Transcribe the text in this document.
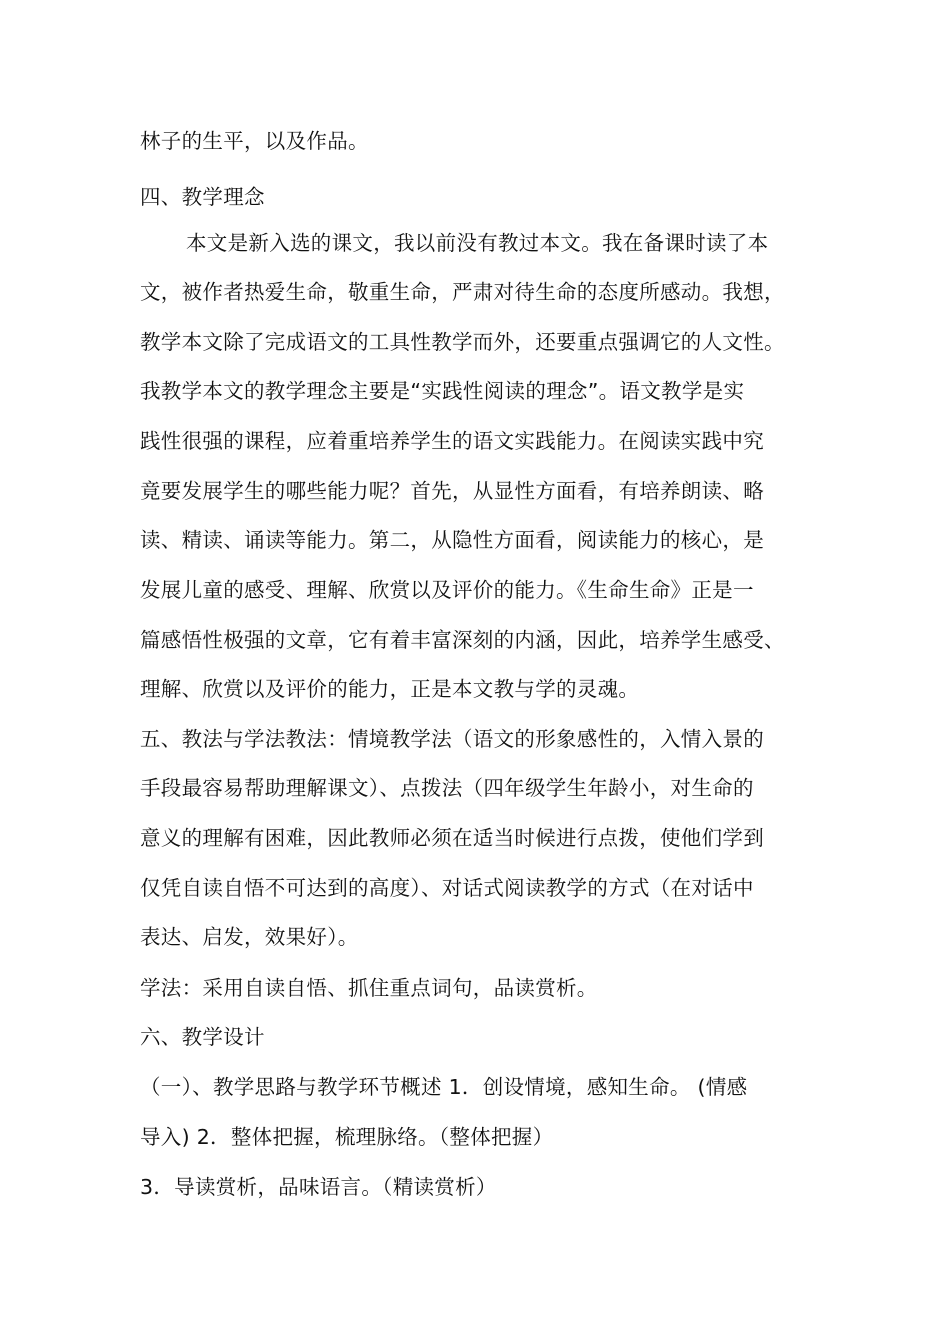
林子的生平，以及作品。
四、教学理念
本文是新入选的课文，我以前没有教过本文。我在备课时读了本
文，被作者热爱生命，敬重生命，严肃对待生命的态度所感动。我想，
教学本文除了完成语文的工具性教学而外，还要重点强调它的人文性。
我教学本文的教学理念主要是“实践性阅读的理念”。语文教学是实
践性很强的课程，应着重培养学生的语文实践能力。在阅读实践中究
竟要发展学生的哪些能力呢？首先，从显性方面看，有培养朗读、略
读、精读、诵读等能力。第二，从隐性方面看，阅读能力的核心，是
发展儿童的感受、理解、欣赏以及评价的能力。《生命生命》正是一
篇感悟性极强的文章，它有着丰富深刻的内涵，因此，培养学生感受、
理解、欣赏以及评价的能力，正是本文教与学的灵魂。
五、教法与学法教法：情境教学法（语文的形象感性的，入情入景的
手段最容易帮助理解课文）、点拨法（四年级学生年龄小，对生命的
意义的理解有困难，因此教师必须在适当时候进行点拨，使他们学到
仅凭自读自悟不可达到的高度）、对话式阅读教学的方式（在对话中
表达、启发，效果好）。
学法：采用自读自悟、抓住重点词句，品读赏析。
六、教学设计
（一）、教学思路与教学环节概述 1．创设情境，感知生命。 (情感
导入) 2．整体把握，梳理脉络。（整体把握）
3．导读赏析，品味语言。（精读赏析）
